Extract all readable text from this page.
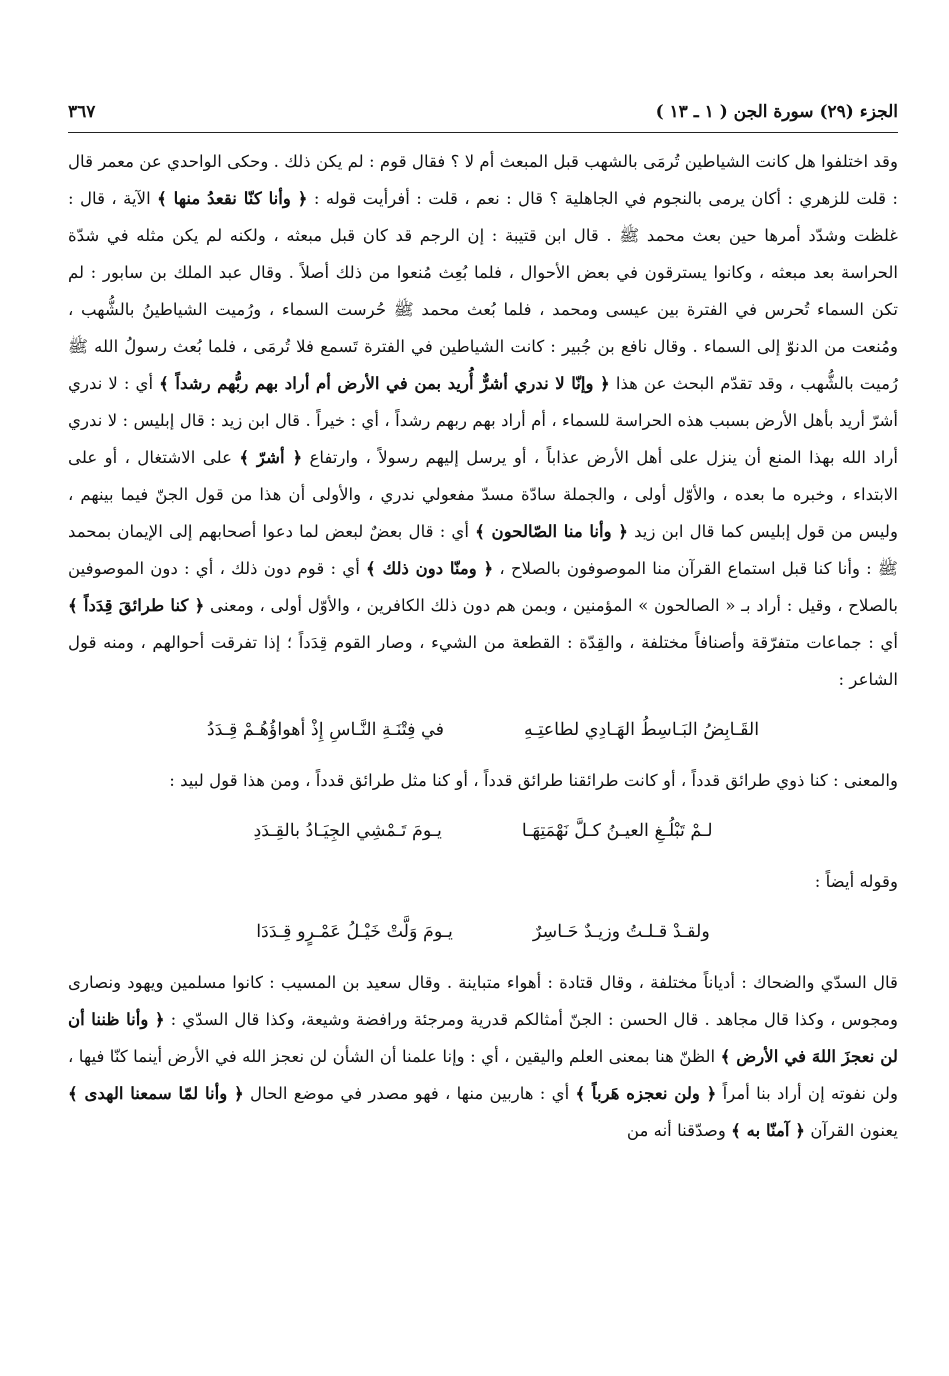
الجزء (٢٩) سورة الجن ( ١ ـ ١٣ )
٣٦٧

وقد اختلفوا هل كانت الشياطين تُرمَى بالشهب قبل المبعث أم لا ؟ فقال قوم : لم يكن ذلك . وحكى الواحدي عن معمر قال : قلت للزهري : أكان يرمى بالنجوم في الجاهلية ؟ قال : نعم ، قلت : أفرأيت قوله : ﴿ وأنا كنّا نقعدُ منها ﴾ الآية ، قال : غلظت وشدّد أمرها حين بعث محمد ﷺ . قال ابن قتيبة : إن الرجم قد كان قبل مبعثه ، ولكنه لم يكن مثله في شدّة الحراسة بعد مبعثه ، وكانوا يسترقون في بعض الأحوال ، فلما بُعِث مُنعوا من ذلك أصلاً . وقال عبد الملك بن سابور : لم تكن السماء تُحرس في الفترة بين عيسى ومحمد ، فلما بُعث محمد ﷺ حُرست السماء ، ورُميت الشياطينُ بالشُّهب ، ومُنعت من الدنوّ إلى السماء . وقال نافع بن جُبير : كانت الشياطين في الفترة تَسمع فلا تُرمَى ، فلما بُعث رسولُ الله ﷺ رُميت بالشُّهب ، وقد تقدّم البحث عن هذا ﴿ وإنّا لا ندري أشرٌّ أُريد بمن في الأرض أم أراد بهم ربُّهم رشداً ﴾ أي : لا ندري أشرّ أريد بأهل الأرض بسبب هذه الحراسة للسماء ، أم أراد بهم ربهم رشداً ، أي : خيراً . قال ابن زيد : قال إبليس : لا ندري أراد الله بهذا المنع أن ينزل على أهل الأرض عذاباً ، أو يرسل إليهم رسولاً ، وارتفاع ﴿ أشرّ ﴾ على الاشتغال ، أو على الابتداء ، وخبره ما بعده ، والأوّل أولى ، والجملة سادّة مسدّ مفعولي ندري ، والأولى أن هذا من قول الجنّ فيما بينهم ، وليس من قول إبليس كما قال ابن زيد ﴿ وأنا منا الصّالحون ﴾ أي : قال بعضٌ لبعض لما دعوا أصحابهم إلى الإيمان بمحمد ﷺ : وأنا كنا قبل استماع القرآن منا الموصوفون بالصلاح ، ﴿ ومنّا دون ذلك ﴾ أي : قوم دون ذلك ، أي : دون الموصوفين بالصلاح ، وقيل : أراد بـ « الصالحون » المؤمنين ، وبمن هم دون ذلك الكافرين ، والأوّل أولى ، ومعنى ﴿ كنا طرائقَ قِدَداً ﴾ أي : جماعات متفرّقة وأصنافاً مختلفة ، والقِدّة : القطعة من الشيء ، وصار القوم قِدَداً ؛ إذا تفرقت أحوالهم ، ومنه قول الشاعر :

القَـابِضُ البَـاسِطُ الهَـادِي لطاعتِـهِ
في فِتْنَـةِ النَّـاسِ إِذْ أهواؤُهُـمْ قِـدَدُ

والمعنى : كنا ذوي طرائق قدداً ، أو كانت طرائقنا طرائق قدداً ، أو كنا مثل طرائق قدداً ، ومن هذا قول لبيد :

لـمْ تَبْلُـغِ العيـنُ كـلَّ نَهْمَتِهَـا
يـومَ تَـمْشِي الجِيَـادُ بالقِـدَدِ

وقوله أيضاً :

ولقـدْ قـلـتُ وزيـدٌ حَـاسِرٌ
يـومَ وَلَّتْ خَيْـلُ عَمْـرٍو قِـدَدَا

قال السدّي والضحاك : أدياناً مختلفة ، وقال قتادة : أهواء متباينة . وقال سعيد بن المسيب : كانوا مسلمين ويهود ونصارى ومجوس ، وكذا قال مجاهد . قال الحسن : الجنّ أمثالكم قدرية ومرجئة ورافضة وشيعة، وكذا قال السدّي : ﴿ وأنا ظننا أن لن نعجزَ اللهَ في الأرض ﴾ الظنّ هنا بمعنى العلم واليقين ، أي : وإنا علمنا أن الشأن لن نعجز الله في الأرض أينما كنّا فيها ، ولن نفوته إن أراد بنا أمراً ﴿ ولن نعجزه هَرباً ﴾ أي : هاربين منها ، فهو مصدر في موضع الحال ﴿ وأنا لمّا سمعنا الهدى ﴾ يعنون القرآن ﴿ آمنّا به ﴾ وصدّقنا أنه من
